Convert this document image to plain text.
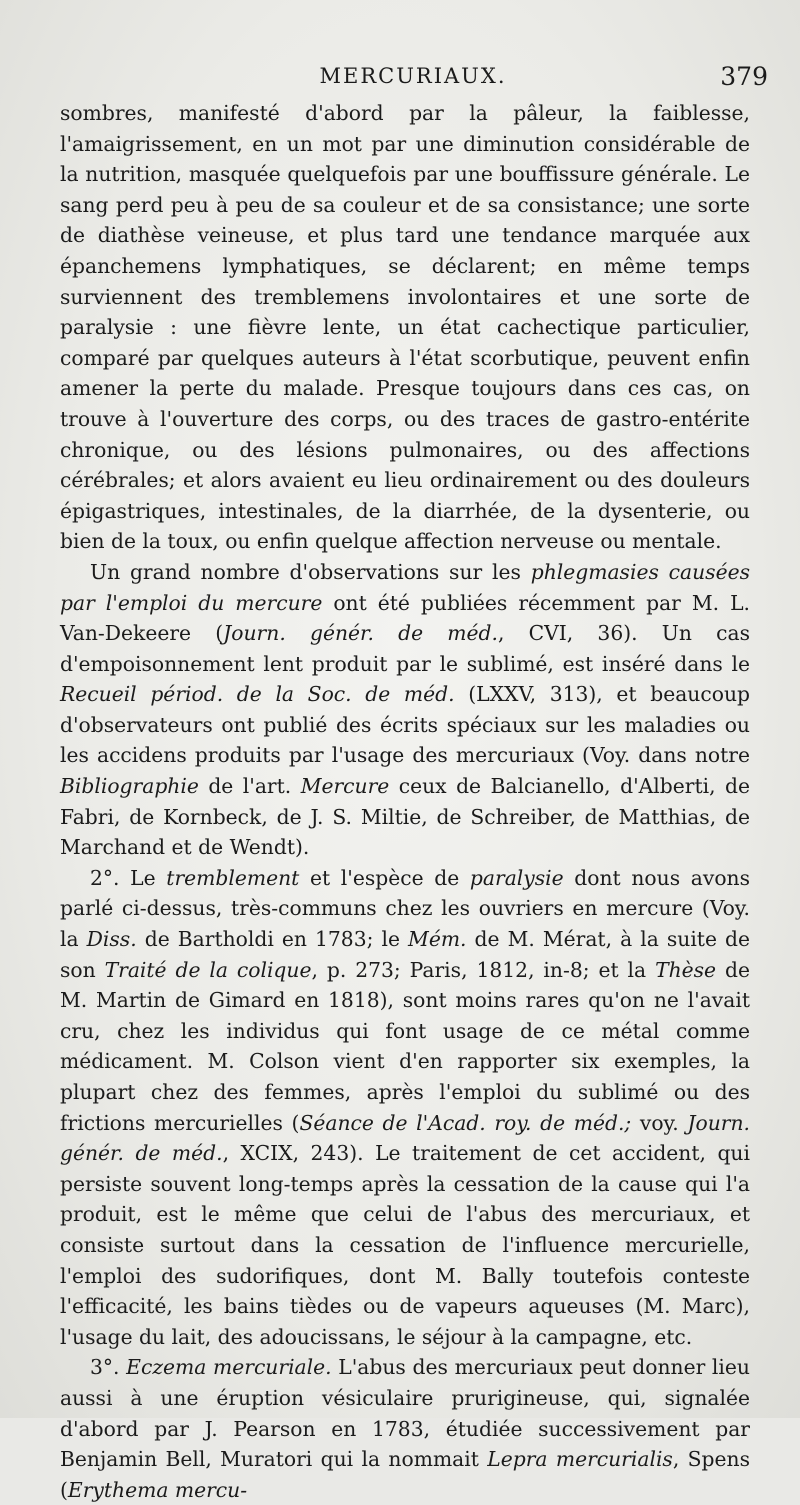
MERCURIAUX.	379

sombres, manifesté d'abord par la pâleur, la faiblesse, l'amaigrissement, en un mot par une diminution considérable de la nutrition, masquée quelquefois par une bouffissure générale. Le sang perd peu à peu de sa couleur et de sa consistance; une sorte de diathèse veineuse, et plus tard une tendance marquée aux épanchemens lymphatiques, se déclarent; en même temps surviennent des tremblemens involontaires et une sorte de paralysie : une fièvre lente, un état cachectique particulier, comparé par quelques auteurs à l'état scorbutique, peuvent enfin amener la perte du malade. Presque toujours dans ces cas, on trouve à l'ouverture des corps, ou des traces de gastro-entérite chronique, ou des lésions pulmonaires, ou des affections cérébrales; et alors avaient eu lieu ordinairement ou des douleurs épigastriques, intestinales, de la diarrhée, de la dysenterie, ou bien de la toux, ou enfin quelque affection nerveuse ou mentale.

Un grand nombre d'observations sur les phlegmasies causées par l'emploi du mercure ont été publiées récemment par M. L. Van-Dekeere (Journ. génér. de méd., CVI, 36). Un cas d'empoisonnement lent produit par le sublimé, est inséré dans le Recueil périod. de la Soc. de méd. (LXXV, 313), et beaucoup d'observateurs ont publié des écrits spéciaux sur les maladies ou les accidens produits par l'usage des mercuriaux (Voy. dans notre Bibliographie de l'art. Mercure ceux de Balcianello, d'Alberti, de Fabri, de Kornbeck, de J. S. Miltie, de Schreiber, de Matthias, de Marchand et de Wendt).

2°. Le tremblement et l'espèce de paralysie dont nous avons parlé ci-dessus, très-communs chez les ouvriers en mercure (Voy. la Diss. de Bartholdi en 1783; le Mém. de M. Mérat, à la suite de son Traité de la colique, p. 273; Paris, 1812, in-8; et la Thèse de M. Martin de Gimard en 1818), sont moins rares qu'on ne l'avait cru, chez les individus qui font usage de ce métal comme médicament. M. Colson vient d'en rapporter six exemples, la plupart chez des femmes, après l'emploi du sublimé ou des frictions mercurielles (Séance de l'Acad. roy. de méd.; voy. Journ. génér. de méd., XCIX, 243). Le traitement de cet accident, qui persiste souvent long-temps après la cessation de la cause qui l'a produit, est le même que celui de l'abus des mercuriaux, et consiste surtout dans la cessation de l'influence mercurielle, l'emploi des sudorifiques, dont M. Bally toutefois conteste l'efficacité, les bains tièdes ou de vapeurs aqueuses (M. Marc), l'usage du lait, des adoucissans, le séjour à la campagne, etc.

3°. Eczema mercuriale. L'abus des mercuriaux peut donner lieu aussi à une éruption vésiculaire prurigineuse, qui, signalée d'abord par J. Pearson en 1783, étudiée successivement par Benjamin Bell, Muratori qui la nommait Lepra mercurialis, Spens (Erythema mercu-
